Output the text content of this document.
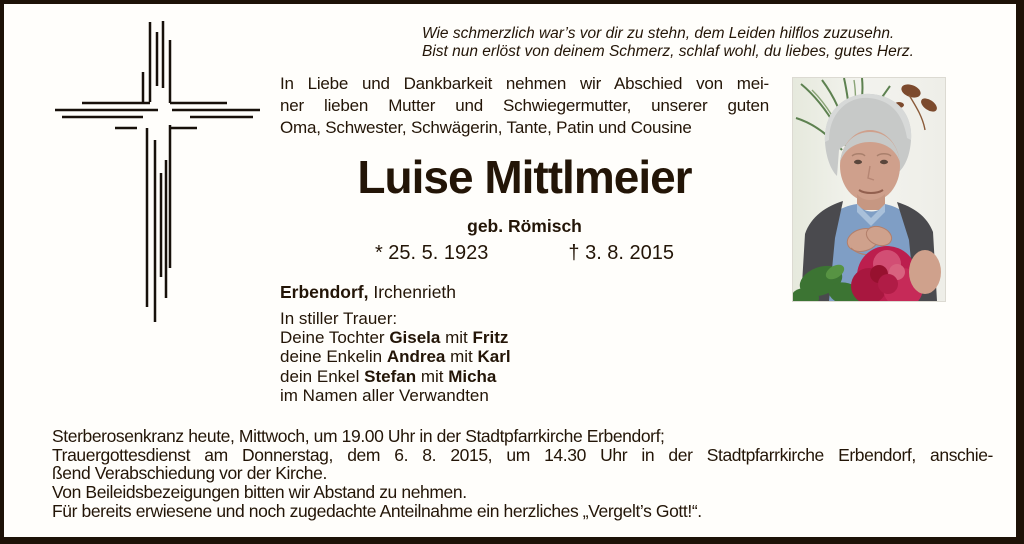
Wie schmerzlich war’s vor dir zu stehn, dem Leiden hilflos zuzusehn.
Bist nun erlöst von deinem Schmerz, schlaf wohl, du liebes, gutes Herz.
In Liebe und Dankbarkeit nehmen wir Abschied von mei-
ner lieben Mutter und Schwiegermutter, unserer guten
Oma, Schwester, Schwägerin, Tante, Patin und Cousine
Luise Mittlmeier
geb. Römisch
* 25. 5. 1923	† 3. 8. 2015
Erbendorf, Irchenrieth
In stiller Trauer:
Deine Tochter Gisela mit Fritz
deine Enkelin Andrea mit Karl
dein Enkel Stefan mit Micha
im Namen aller Verwandten
Sterberosenkranz heute, Mittwoch, um 19.00 Uhr in der Stadtpfarrkirche Erbendorf;
Trauergottesdienst am Donnerstag, dem 6. 8. 2015, um 14.30 Uhr in der Stadtpfarrkirche Erbendorf, anschie-
ßend Verabschiedung vor der Kirche.
Von Beileidsbezeigungen bitten wir Abstand zu nehmen.
Für bereits erwiesene und noch zugedachte Anteilnahme ein herzliches „Vergelt’s Gott!“.
